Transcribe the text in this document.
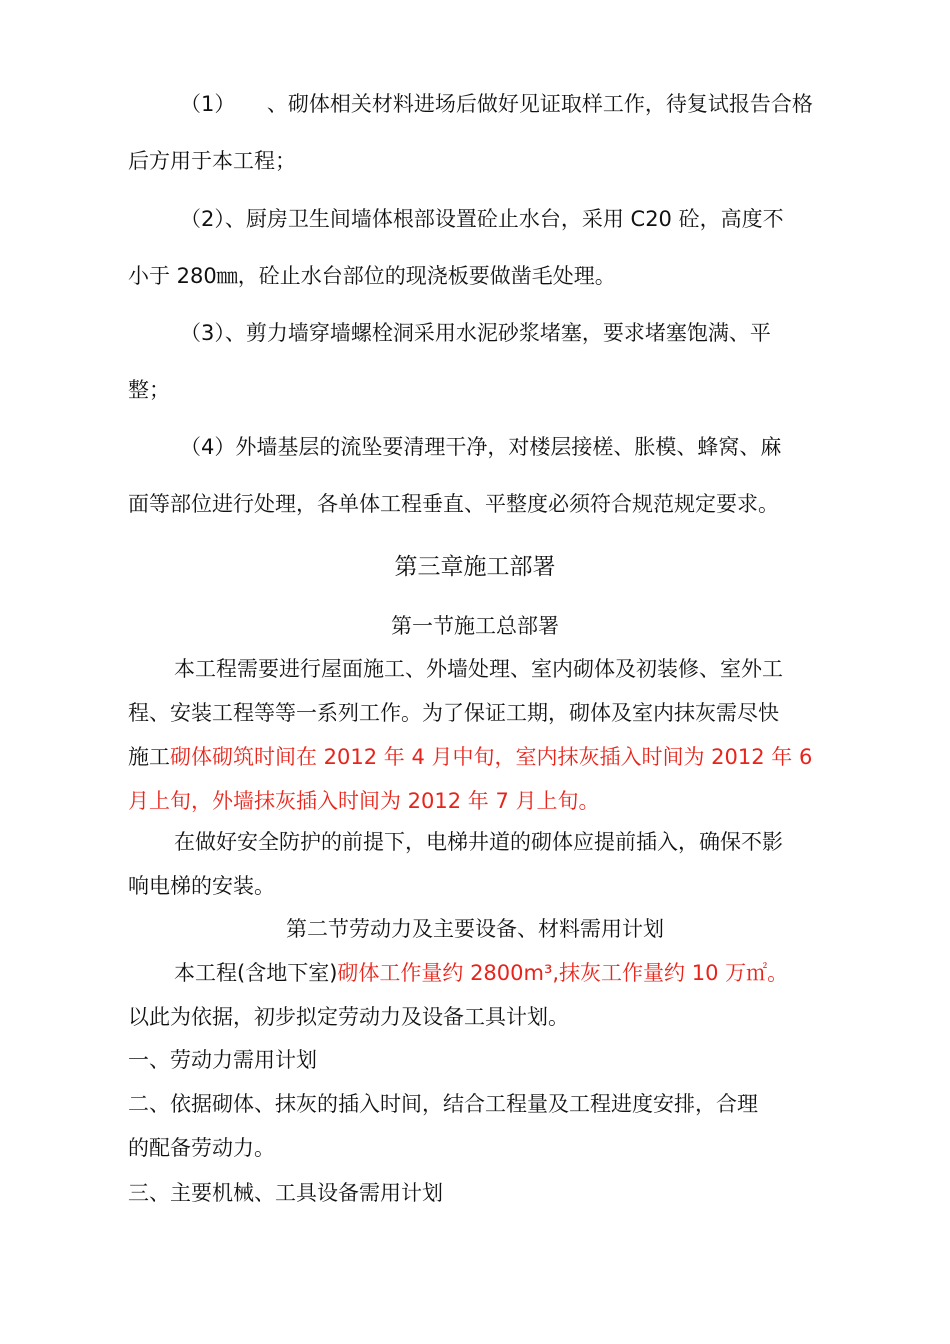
（1）　　、砌体相关材料进场后做好见证取样工作，待复试报告合格

后方用于本工程；

（2）、厨房卫生间墙体根部设置砼止水台，采用 C20 砼，高度不

小于 280㎜，砼止水台部位的现浇板要做凿毛处理。

（3）、剪力墙穿墙螺栓洞采用水泥砂浆堵塞，要求堵塞饱满、平

整；

（4）外墙基层的流坠要清理干净，对楼层接槎、胀模、蜂窝、麻

面等部位进行处理，各单体工程垂直、平整度必须符合规范规定要求。

第三章施工部署

第一节施工总部署

本工程需要进行屋面施工、外墙处理、室内砌体及初装修、室外工

程、安装工程等等一系列工作。为了保证工期，砌体及室内抹灰需尽快

施工砌体砌筑时间在 2012 年 4 月中旬，室内抹灰插入时间为 2012 年 6

月上旬，外墙抹灰插入时间为 2012 年 7 月上旬。

在做好安全防护的前提下，电梯井道的砌体应提前插入，确保不影

响电梯的安装。

第二节劳动力及主要设备、材料需用计划

本工程(含地下室)砌体工作量约 2800m³,抹灰工作量约 10 万㎡。

以此为依据，初步拟定劳动力及设备工具计划。

一、劳动力需用计划

二、依据砌体、抹灰的插入时间，结合工程量及工程进度安排，合理

的配备劳动力。

三、主要机械、工具设备需用计划
